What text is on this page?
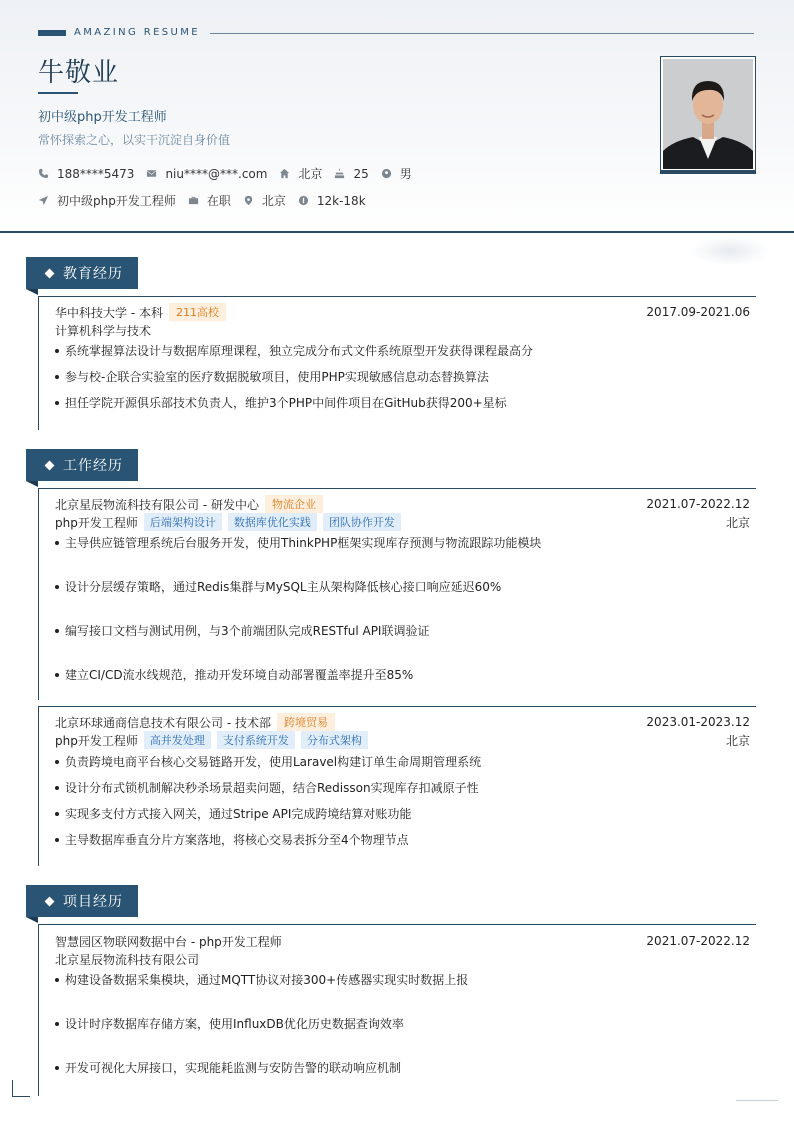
AMAZING RESUME
牛敬业
初中级php开发工程师
常怀探索之心，以实干沉淀自身价值
188****5473	niu****@***.com	北京	25	男
初中级php开发工程师	在职	北京	12k-18k
教育经历
华中科技大学 - 本科	211高校	2017.09-2021.06
计算机科学与技术
系统掌握算法设计与数据库原理课程，独立完成分布式文件系统原型开发获得课程最高分
参与校-企联合实验室的医疗数据脱敏项目，使用PHP实现敏感信息动态替换算法
担任学院开源俱乐部技术负责人，维护3个PHP中间件项目在GitHub获得200+星标
工作经历
北京星辰物流科技有限公司 - 研发中心	物流企业	2021.07-2022.12
php开发工程师	后端架构设计	数据库优化实践	团队协作开发	北京
主导供应链管理系统后台服务开发，使用ThinkPHP框架实现库存预测与物流跟踪功能模块
设计分层缓存策略，通过Redis集群与MySQL主从架构降低核心接口响应延迟60%
编写接口文档与测试用例，与3个前端团队完成RESTful API联调验证
建立CI/CD流水线规范，推动开发环境自动部署覆盖率提升至85%
北京环球通商信息技术有限公司 - 技术部	跨境贸易	2023.01-2023.12
php开发工程师	高并发处理	支付系统开发	分布式架构	北京
负责跨境电商平台核心交易链路开发，使用Laravel构建订单生命周期管理系统
设计分布式锁机制解决秒杀场景超卖问题，结合Redisson实现库存扣减原子性
实现多支付方式接入网关，通过Stripe API完成跨境结算对账功能
主导数据库垂直分片方案落地，将核心交易表拆分至4个物理节点
项目经历
智慧园区物联网数据中台 - php开发工程师	2021.07-2022.12
北京星辰物流科技有限公司
构建设备数据采集模块，通过MQTT协议对接300+传感器实现实时数据上报
设计时序数据库存储方案，使用InfluxDB优化历史数据查询效率
开发可视化大屏接口，实现能耗监测与安防告警的联动响应机制
